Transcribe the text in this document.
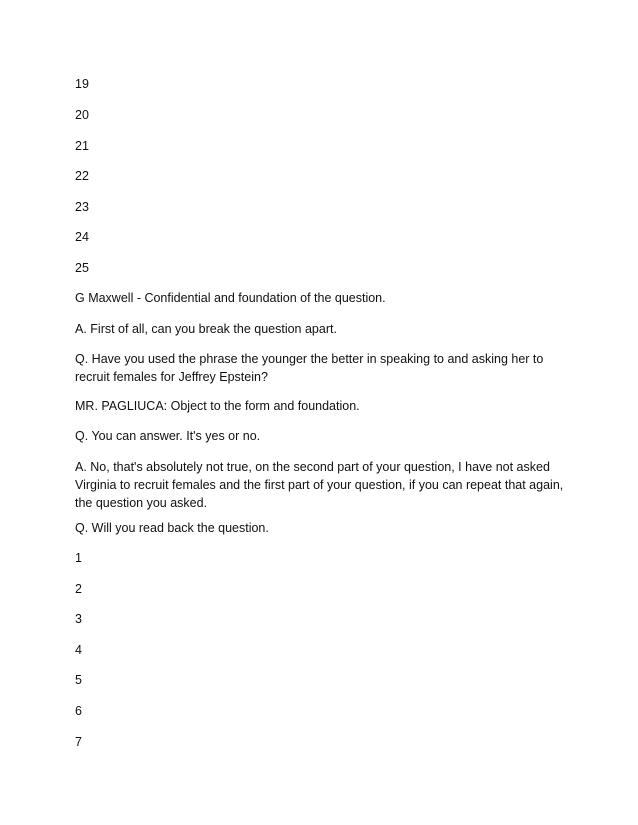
19
20
21
22
23
24
25
G Maxwell - Confidential and foundation of the question.
A. First of all, can you break the question apart.
Q. Have you used the phrase the younger the better in speaking to and asking her to recruit females for Jeffrey Epstein?
MR. PAGLIUCA: Object to the form and foundation.
Q. You can answer. It's yes or no.
A. No, that's absolutely not true, on the second part of your question, I have not asked Virginia to recruit females and the first part of your question, if you can repeat that again, the question you asked.
Q. Will you read back the question.
1
2
3
4
5
6
7
